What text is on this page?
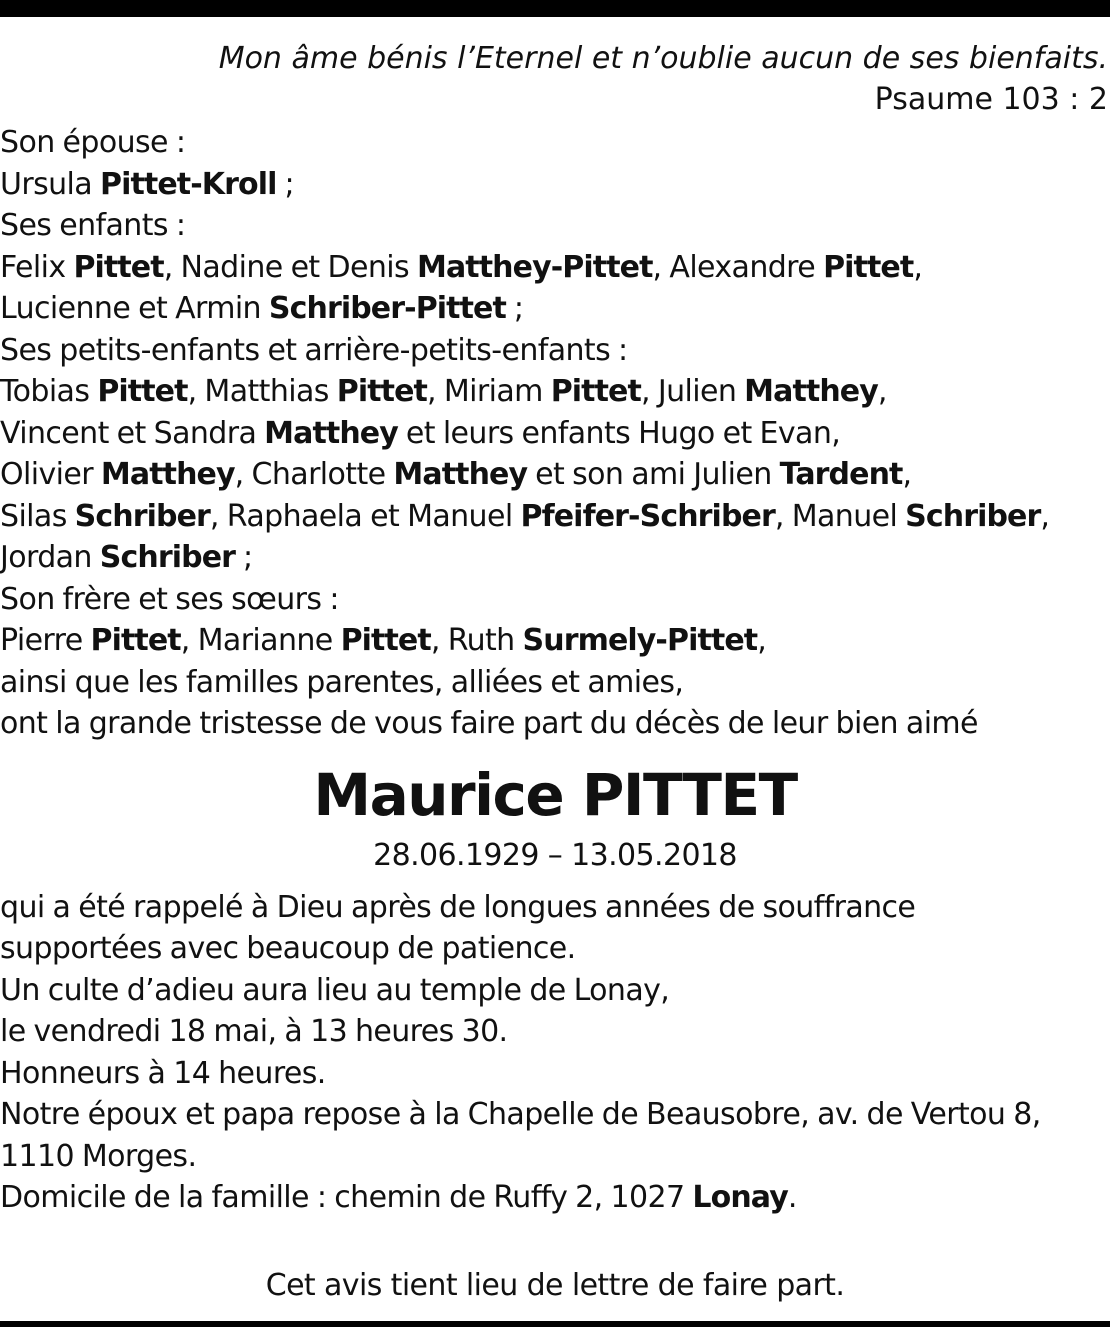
Mon âme bénis l’Eternel et n’oublie aucun de ses bienfaits.
Psaume 103 : 2
Son épouse :
Ursula Pittet-Kroll ;
Ses enfants :
Felix Pittet, Nadine et Denis Matthey-Pittet, Alexandre Pittet,
Lucienne et Armin Schriber-Pittet ;
Ses petits-enfants et arrière-petits-enfants :
Tobias Pittet, Matthias Pittet, Miriam Pittet, Julien Matthey,
Vincent et Sandra Matthey et leurs enfants Hugo et Evan,
Olivier Matthey, Charlotte Matthey et son ami Julien Tardent,
Silas Schriber, Raphaela et Manuel Pfeifer-Schriber, Manuel Schriber,
Jordan Schriber ;
Son frère et ses sœurs :
Pierre Pittet, Marianne Pittet, Ruth Surmely-Pittet,
ainsi que les familles parentes, alliées et amies,
ont la grande tristesse de vous faire part du décès de leur bien aimé
Maurice PITTET
28.06.1929 – 13.05.2018
qui a été rappelé à Dieu après de longues années de souffrance
supportées avec beaucoup de patience.
Un culte d’adieu aura lieu au temple de Lonay,
le vendredi 18 mai, à 13 heures 30.
Honneurs à 14 heures.
Notre époux et papa repose à la Chapelle de Beausobre, av. de Vertou 8,
1110 Morges.
Domicile de la famille : chemin de Ruffy 2, 1027 Lonay.
Cet avis tient lieu de lettre de faire part.
